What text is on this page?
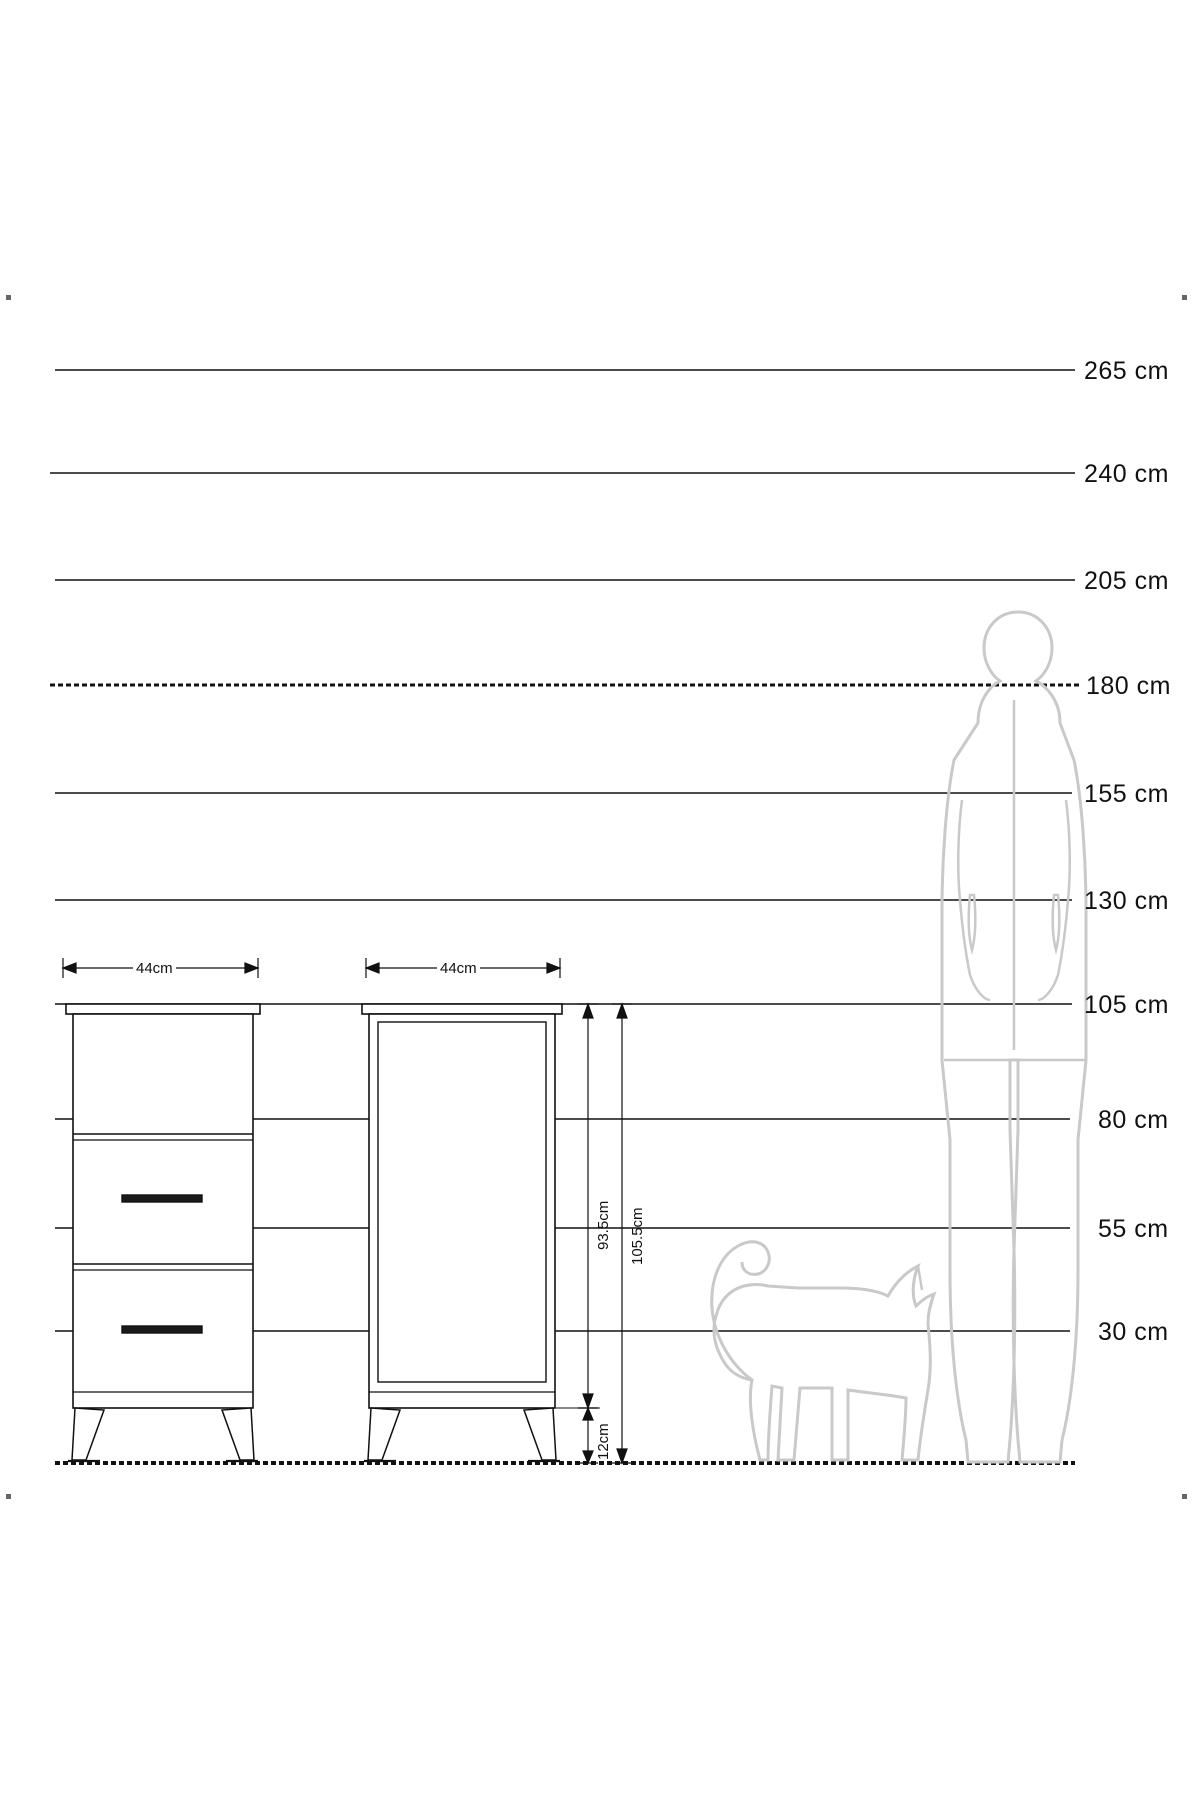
265 cm
240 cm
205 cm
180 cm
155 cm
130 cm
105 cm
80 cm
55 cm
30 cm
44cm	44cm
93.5cm 105.5cm
12cm
